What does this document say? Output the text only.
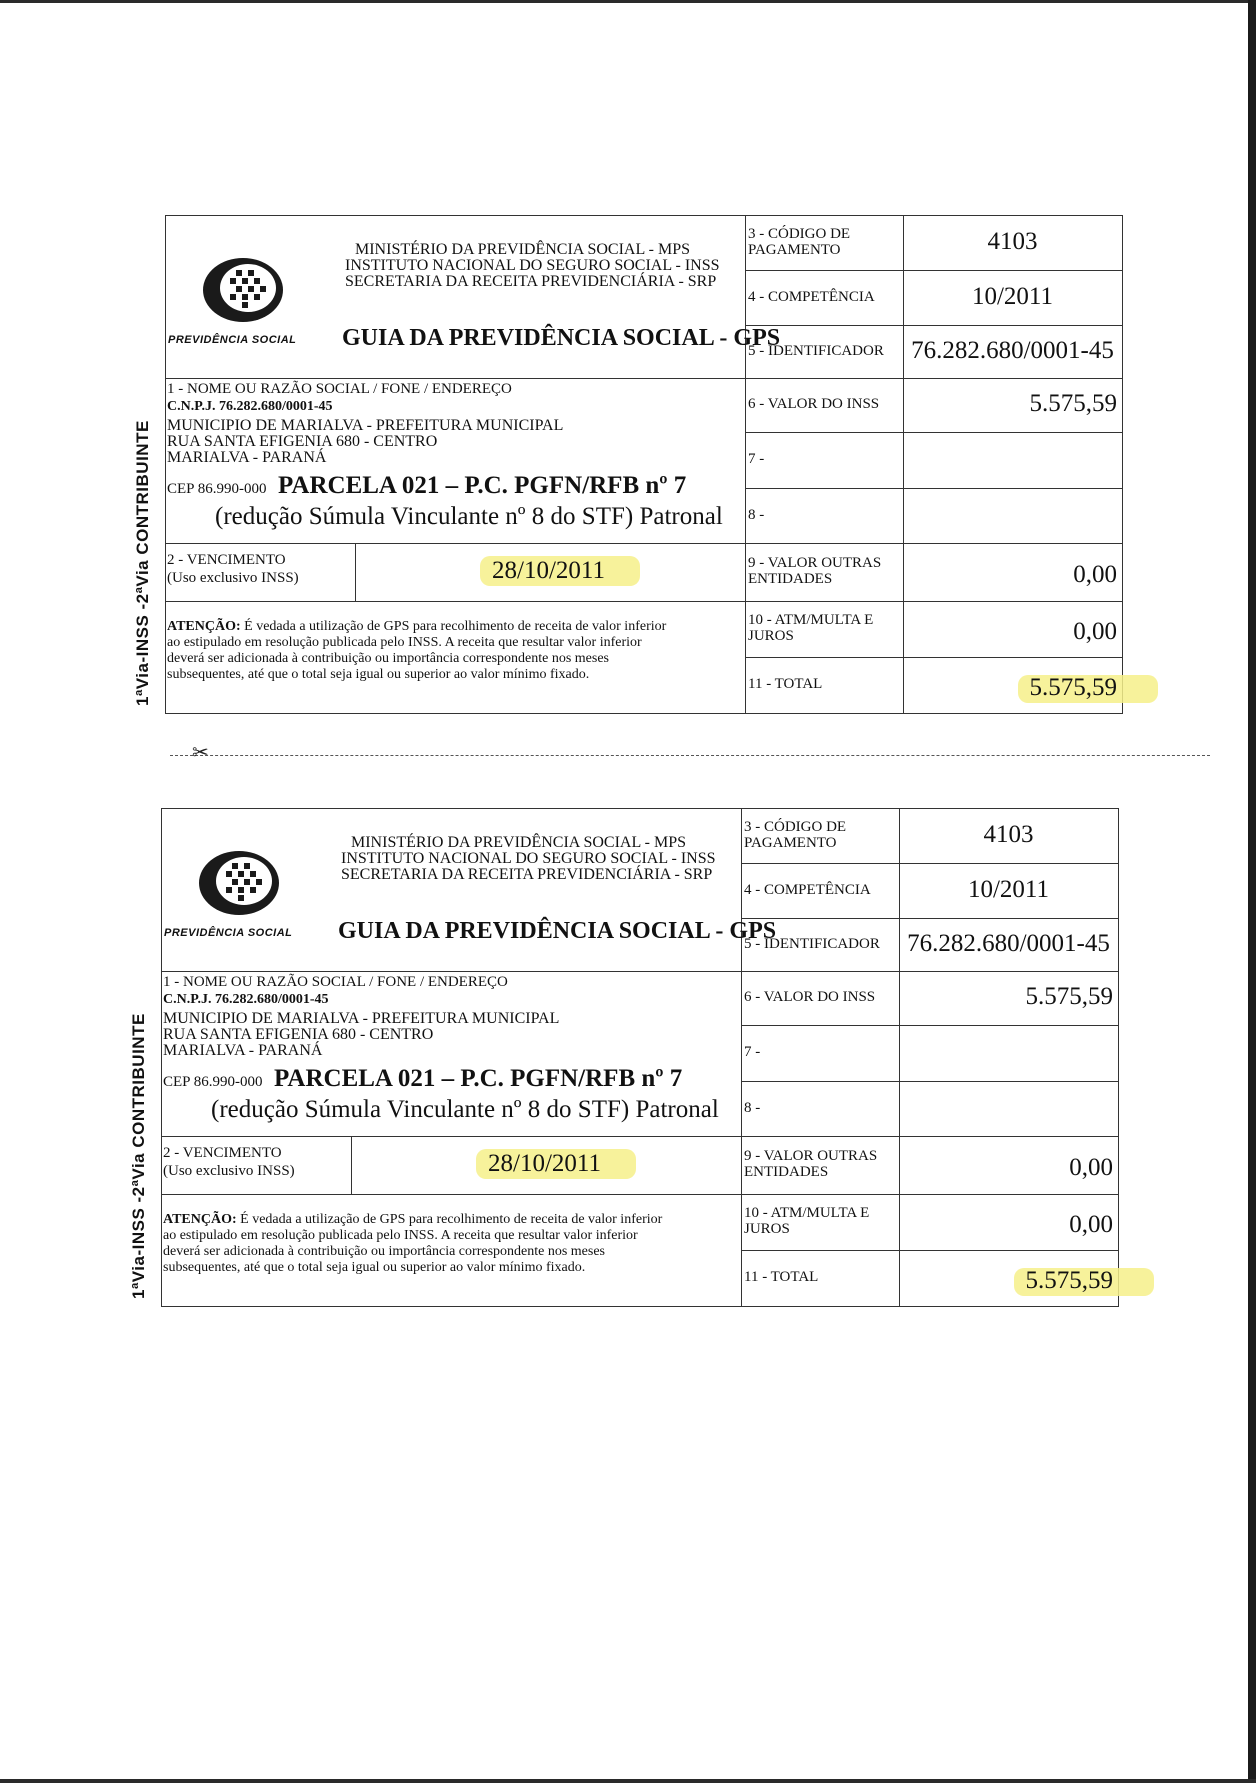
✂
1ªVia-INSS -2ªVia CONTRIBUINTE
PREVIDÊNCIA SOCIAL
MINISTÉRIO DA PREVIDÊNCIA SOCIAL - MPS
INSTITUTO NACIONAL DO SEGURO SOCIAL - INSS
SECRETARIA DA RECEITA PREVIDENCIÁRIA - SRP
GUIA DA PREVIDÊNCIA SOCIAL - GPS
1 - NOME OU RAZÃO SOCIAL / FONE / ENDEREÇO
C.N.P.J. 76.282.680/0001-45
MUNICIPIO DE MARIALVA - PREFEITURA MUNICIPAL
RUA SANTA EFIGENIA 680 - CENTRO
MARIALVA - PARANÁ
CEP 86.990-000 PARCELA 021 – P.C. PGFN/RFB nº 7
(redução Súmula Vinculante nº 8 do STF) Patronal
2 - VENCIMENTO
(Uso exclusivo INSS)	28/10/2011
ATENÇÃO: É vedada a utilização de GPS para recolhimento de receita de valor inferior
ao estipulado em resolução publicada pelo INSS. A receita que resultar valor inferior
deverá ser adicionada à contribuição ou importância correspondente nos meses
subsequentes, até que o total seja igual ou superior ao valor mínimo fixado.
3 - CÓDIGO DE
PAGAMENTO	4103
4 - COMPETÊNCIA	10/2011
5 - IDENTIFICADOR	76.282.680/0001-45
6 - VALOR DO INSS	5.575,59
7 -
8 -
9 - VALOR OUTRAS
ENTIDADES	0,00
10 - ATM/MULTA E
JUROS	0,00
11 - TOTAL	5.575,59
1ªVia-INSS -2ªVia CONTRIBUINTE
PREVIDÊNCIA SOCIAL
MINISTÉRIO DA PREVIDÊNCIA SOCIAL - MPS
INSTITUTO NACIONAL DO SEGURO SOCIAL - INSS
SECRETARIA DA RECEITA PREVIDENCIÁRIA - SRP
GUIA DA PREVIDÊNCIA SOCIAL - GPS
1 - NOME OU RAZÃO SOCIAL / FONE / ENDEREÇO
C.N.P.J. 76.282.680/0001-45
MUNICIPIO DE MARIALVA - PREFEITURA MUNICIPAL
RUA SANTA EFIGENIA 680 - CENTRO
MARIALVA - PARANÁ
CEP 86.990-000 PARCELA 021 – P.C. PGFN/RFB nº 7
(redução Súmula Vinculante nº 8 do STF) Patronal
2 - VENCIMENTO
(Uso exclusivo INSS)	28/10/2011
ATENÇÃO: É vedada a utilização de GPS para recolhimento de receita de valor inferior
ao estipulado em resolução publicada pelo INSS. A receita que resultar valor inferior
deverá ser adicionada à contribuição ou importância correspondente nos meses
subsequentes, até que o total seja igual ou superior ao valor mínimo fixado.
3 - CÓDIGO DE
PAGAMENTO	4103
4 - COMPETÊNCIA	10/2011
5 - IDENTIFICADOR	76.282.680/0001-45
6 - VALOR DO INSS	5.575,59
7 -
8 -
9 - VALOR OUTRAS
ENTIDADES	0,00
10 - ATM/MULTA E
JUROS	0,00
11 - TOTAL	5.575,59
